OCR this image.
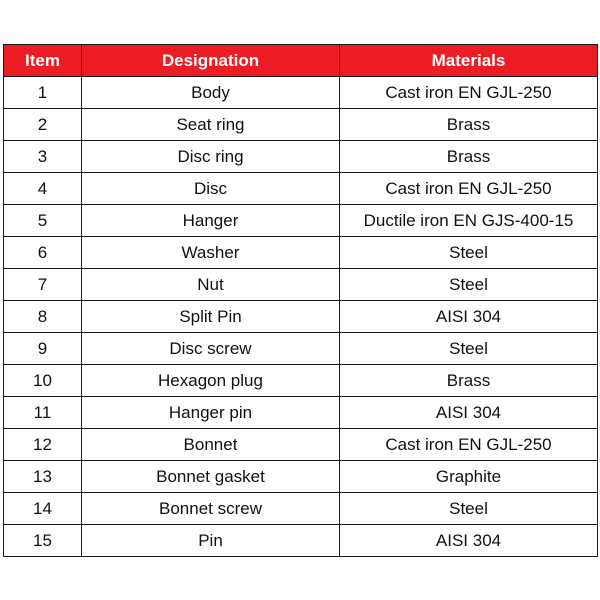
Item	Designation	Materials
1	Body	Cast iron EN GJL-250
2	Seat ring	Brass
3	Disc ring	Brass
4	Disc	Cast iron EN GJL-250
5	Hanger	Ductile iron EN GJS-400-15
6	Washer	Steel
7	Nut	Steel
8	Split Pin	AISI 304
9	Disc screw	Steel
10	Hexagon plug	Brass
11	Hanger pin	AISI 304
12	Bonnet	Cast iron EN GJL-250
13	Bonnet gasket	Graphite
14	Bonnet screw	Steel
15	Pin	AISI 304
